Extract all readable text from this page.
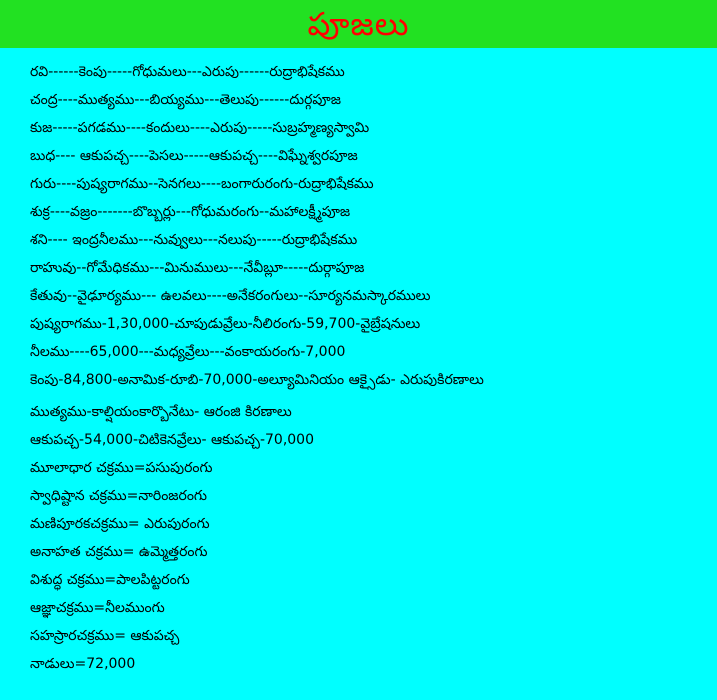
పూజలు
రవి------కెంపు-----గోధుమలు---ఎరుపు------రుద్రాభిషేకము
చంద్ర----ముత్యము---బియ్యము---తెలుపు------దుర్గపూజ
కుజ-----పగడము----కందులు----ఎరుపు-----సుబ్రహ్మణ్యస్వామి
బుధ---- ఆకుపచ్చ----పెసలు-----ఆకుపచ్చ----విఘ్నేశ్వరపూజ
గురు----పుష్యరాగము--సెనగలు----బంగారురంగు-రుద్రాభిషేకము
శుక్ర----వజ్రం-------బొబ్బర్లు---గోధుమరంగు--మహాలక్ష్మీపూజ
శని---- ఇంద్రనీలము---నువ్వులు---నలుపు-----రుద్రాభిషేకము
రాహువు--గోమేధికము---మినుములు---నేవీబ్లూ-----దుర్గాపూజ
కేతువు--వైఢూర్యము--- ఉలవలు----అనేకరంగులు--సూర్యనమస్కారములు
పుష్యరాగము-1,30,000-చూపుడువ్రేలు-నీలిరంగు-59,700-వైబ్రేషనులు
నీలము----65,000---మధ్యవ్రేలు---వంకాయరంగు-7,000
కెంపు-84,800-అనామిక-రూబి-70,000-అల్యూమినియం ఆక్సైడు- ఎరుపుకిరణాలు
ముత్యము-కాల్షియంకార్బొనేటు- ఆరంజి కిరణాలు
ఆకుపచ్చ-54,000-చిటికెనవ్రేలు- ఆకుపచ్చ-70,000
మూలాధార చక్రము=పసుపురంగు
స్వాధిష్టాన చక్రము=నారింజరంగు
మణిపూరకచక్రము= ఎరుపురంగు
అనాహత చక్రము= ఉమ్మెత్తరంగు
విశుద్ధ చక్రము=పాలపిట్టరంగు
ఆజ్ఞాచక్రము=నీలముంగు
సహస్రారచక్రము= ఆకుపచ్చ
నాడులు=72,000
